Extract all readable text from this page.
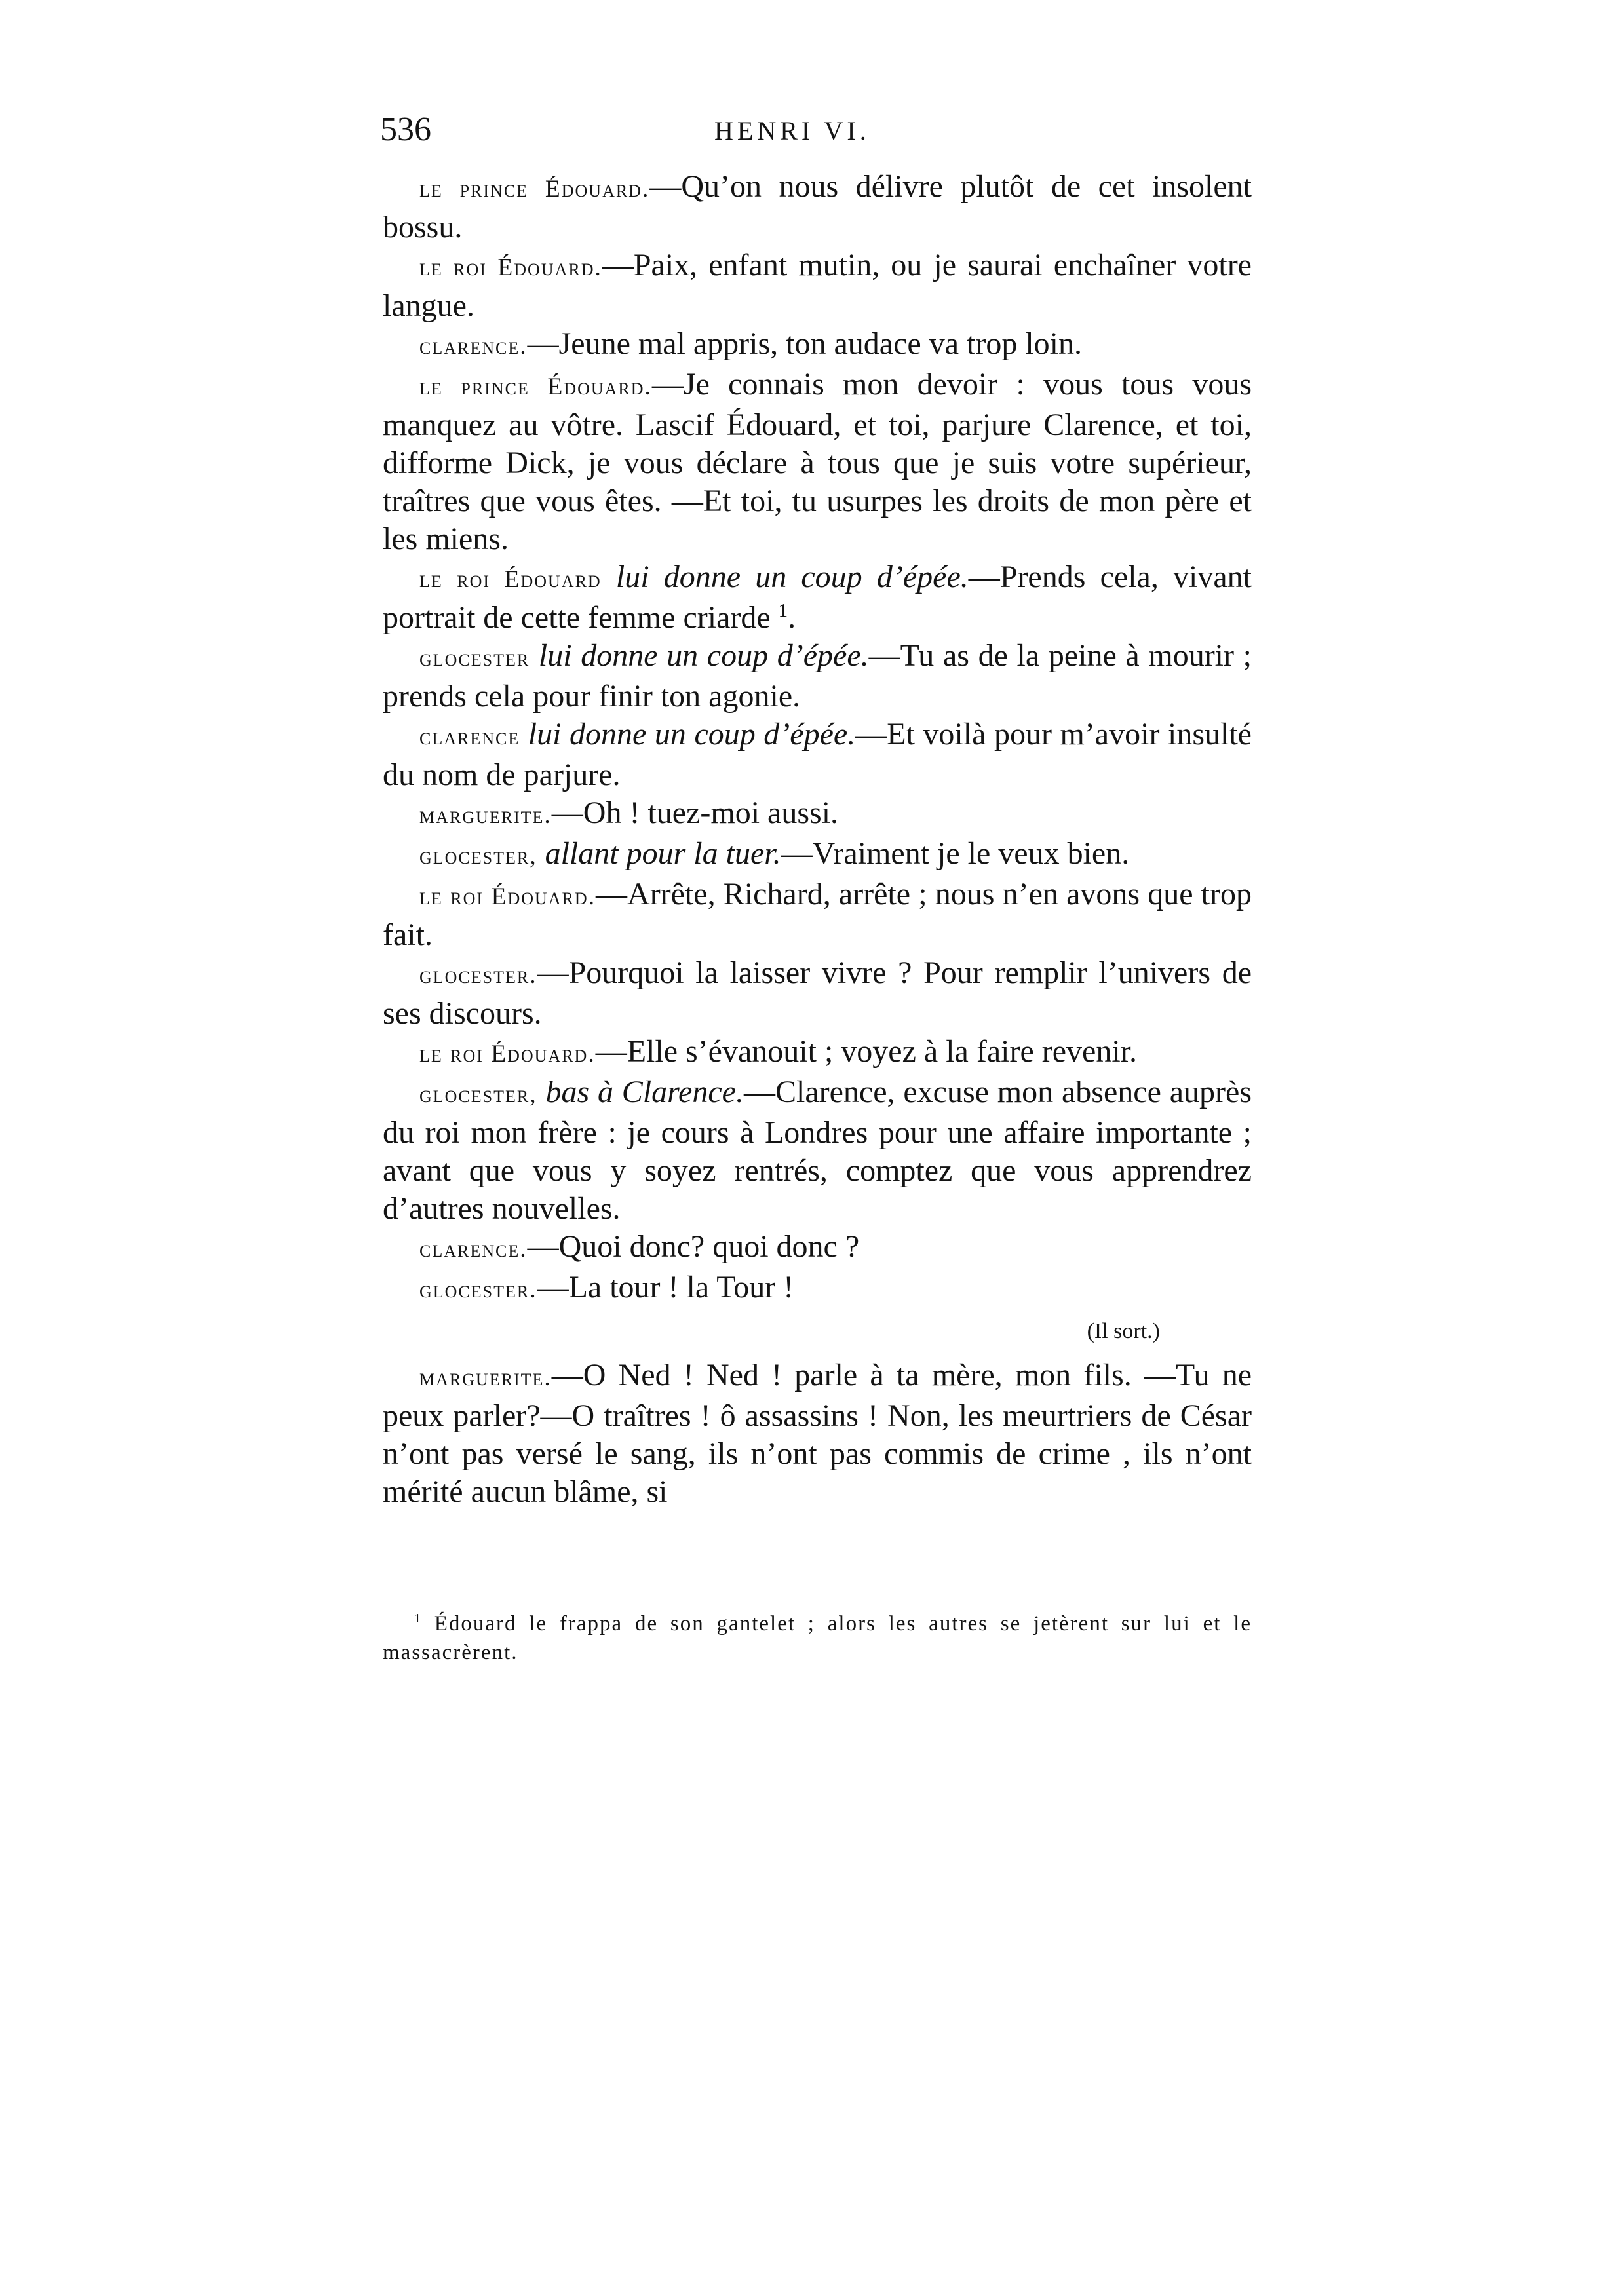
536	HENRI VI.

le prince Édouard.—Qu’on nous délivre plutôt de cet insolent bossu.

le roi Édouard.—Paix, enfant mutin, ou je saurai enchaîner votre langue.

clarence.—Jeune mal appris, ton audace va trop loin.

le prince Édouard.—Je connais mon devoir : vous tous vous manquez au vôtre. Lascif Édouard, et toi, parjure Clarence, et toi, difforme Dick, je vous déclare à tous que je suis votre supérieur, traîtres que vous êtes. —Et toi, tu usurpes les droits de mon père et les miens.

le roi Édouard lui donne un coup d’épée.—Prends cela, vivant portrait de cette femme criarde $^1$.

glocester lui donne un coup d’épée.—Tu as de la peine à mourir ; prends cela pour finir ton agonie.

clarence lui donne un coup d’épée.—Et voilà pour m’avoir insulté du nom de parjure.

marguerite.—Oh ! tuez-moi aussi.

glocester, allant pour la tuer.—Vraiment je le veux bien.

le roi Édouard.—Arrête, Richard, arrête ; nous n’en avons que trop fait.

glocester.—Pourquoi la laisser vivre ? Pour remplir l’univers de ses discours.

le roi Édouard.—Elle s’évanouit ; voyez à la faire revenir.

glocester, bas à Clarence.—Clarence, excuse mon absence auprès du roi mon frère : je cours à Londres pour une affaire importante ; avant que vous y soyez rentrés, comptez que vous apprendrez d’autres nouvelles.

clarence.—Quoi donc? quoi donc ?

glocester.—La tour ! la Tour !

(Il sort.)

marguerite.—O Ned ! Ned ! parle à ta mère, mon fils. —Tu ne peux parler?—O traîtres ! ô assassins ! Non, les meurtriers de César n’ont pas versé le sang, ils n’ont pas commis de crime , ils n’ont mérité aucun blâme, si

$^1$ Édouard le frappa de son gantelet ; alors les autres se jetèrent sur lui et le massacrèrent.
